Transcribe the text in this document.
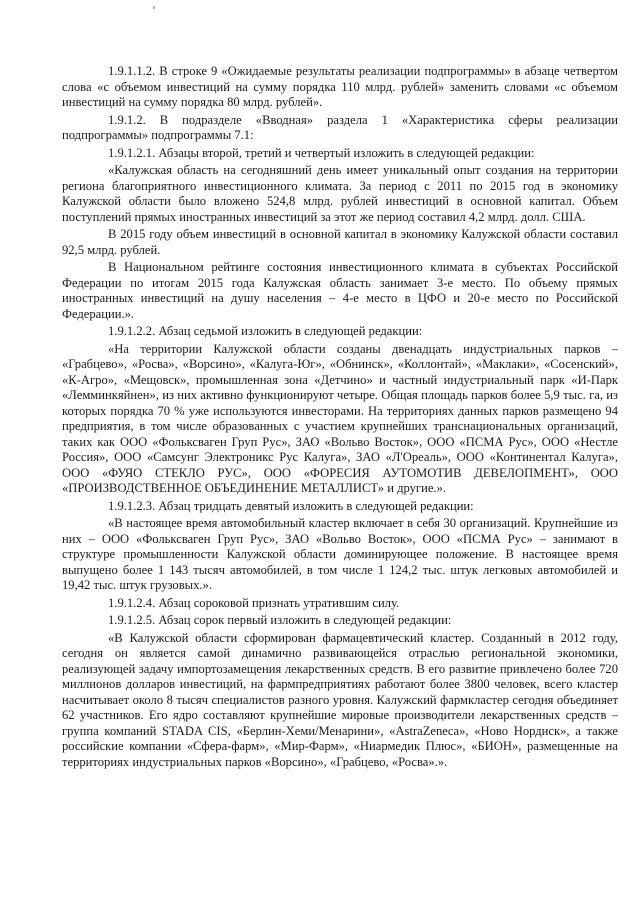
1.9.1.1.2. В строке 9 «Ожидаемые результаты реализации подпрограммы» в абзаце четвертом слова «с объемом инвестиций на сумму порядка 110 млрд. рублей» заменить словами «с объемом инвестиций на сумму порядка 80 млрд. рублей».

1.9.1.2. В подразделе «Вводная» раздела 1 «Характеристика сферы реализации подпрограммы» подпрограммы 7.1:

1.9.1.2.1. Абзацы второй, третий и четвертый изложить в следующей редакции:

«Калужская область на сегодняшний день имеет уникальный опыт создания на территории региона благоприятного инвестиционного климата. За период с 2011 по 2015 год в экономику Калужской области было вложено 524,8 млрд. рублей инвестиций в основной капитал. Объем поступлений прямых иностранных инвестиций за этот же период составил 4,2 млрд. долл. США.

В 2015 году объем инвестиций в основной капитал в экономику Калужской области составил 92,5 млрд. рублей.

В Национальном рейтинге состояния инвестиционного климата в субъектах Российской Федерации по итогам 2015 года Калужская область занимает 3-е место. По объему прямых иностранных инвестиций на душу населения – 4-е место в ЦФО и 20-е место по Российской Федерации.».

1.9.1.2.2. Абзац седьмой изложить в следующей редакции:

«На территории Калужской области созданы двенадцать индустриальных парков – «Грабцево», «Росва», «Ворсино», «Калуга-Юг», «Обнинск», «Коллонтай», «Маклаки», «Сосенский», «К-Агро», «Мещовск», промышленная зона «Детчино» и частный индустриальный парк «И-Парк «Лемминкяйнен», из них активно функционируют четыре. Общая площадь парков более 5,9 тыс. га, из которых порядка 70 % уже используются инвесторами. На территориях данных парков размещено 94 предприятия, в том числе образованных с участием крупнейших транснациональных организаций, таких как ООО «Фольксваген Груп Рус», ЗАО «Вольво Восток», ООО «ПСМА Рус», ООО «Нестле Россия», ООО «Самсунг Электроникс Рус Калуга», ЗАО «Л'Ореаль», ООО «Континентал Калуга», ООО «ФУЯО СТЕКЛО РУС», ООО «ФОРЕСИЯ АУТОМОТИВ ДЕВЕЛОПМЕНТ», ООО «ПРОИЗВОДСТВЕННОЕ ОБЪЕДИНЕНИЕ МЕТАЛЛИСТ» и другие.».

1.9.1.2.3. Абзац тридцать девятый изложить в следующей редакции:

«В настоящее время автомобильный кластер включает в себя 30 организаций. Крупнейшие из них – ООО «Фольксваген Груп Рус», ЗАО «Вольво Восток», ООО «ПСМА Рус» – занимают в структуре промышленности Калужской области доминирующее положение. В настоящее время выпущено более 1 143 тысяч автомобилей, в том числе 1 124,2 тыс. штук легковых автомобилей и 19,42 тыс. штук грузовых.».

1.9.1.2.4. Абзац сороковой признать утратившим силу.

1.9.1.2.5. Абзац сорок первый изложить в следующей редакции:

«В Калужской области сформирован фармацевтический кластер. Созданный в 2012 году, сегодня он является самой динамично развивающейся отраслью региональной экономики, реализующей задачу импортозамещения лекарственных средств. В его развитие привлечено более 720 миллионов долларов инвестиций, на фармпредприятиях работают более 3800 человек, всего кластер насчитывает около 8 тысяч специалистов разного уровня. Калужский фармкластер сегодня объединяет 62 участников. Его ядро составляют крупнейшие мировые производители лекарственных средств – группа компаний STADA CIS, «Берлин-Хеми/Менарини», «AstraZeneca», «Ново Нордиск», а также российские компании «Сфера-фарм», «Мир-Фарм», «Ниармедик Плюс», «БИОН», размещенные на территориях индустриальных парков «Ворсино», «Грабцево, «Росва».».
